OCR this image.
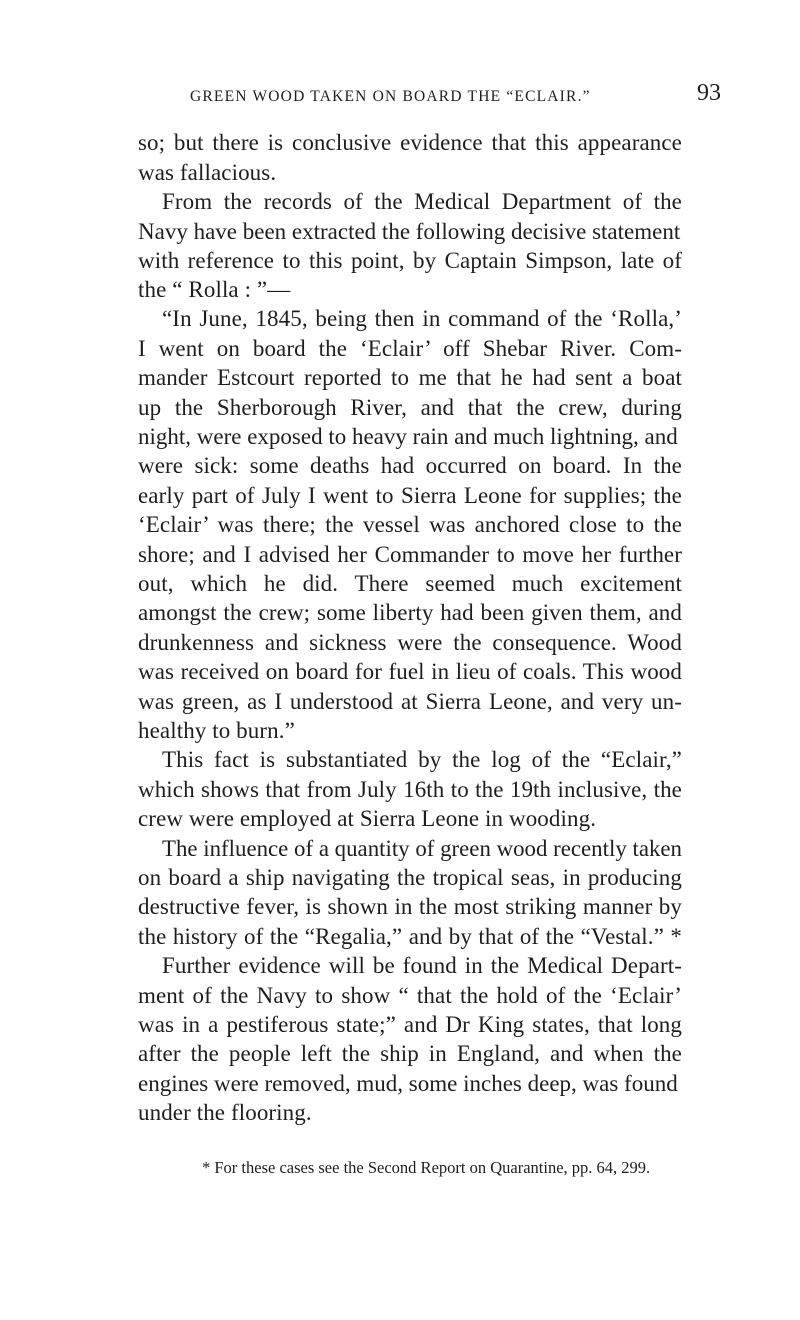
GREEN WOOD TAKEN ON BOARD THE “ECLAIR.”	93
so; but there is conclusive evidence that this appearance
was fallacious.
From the records of the Medical Department of the
Navy have been extracted the following decisive statement
with reference to this point, by Captain Simpson, late of
the “ Rolla : ”—
“In June, 1845, being then in command of the ‘Rolla,’
I went on board the ‘Eclair’ off Shebar River. Com-
mander Estcourt reported to me that he had sent a boat
up the Sherborough River, and that the crew, during
night, were exposed to heavy rain and much lightning, and
were sick: some deaths had occurred on board. In the
early part of July I went to Sierra Leone for supplies; the
‘Eclair’ was there; the vessel was anchored close to the
shore; and I advised her Commander to move her further
out, which he did. There seemed much excitement
amongst the crew; some liberty had been given them, and
drunkenness and sickness were the consequence. Wood
was received on board for fuel in lieu of coals. This wood
was green, as I understood at Sierra Leone, and very un-
healthy to burn.”
This fact is substantiated by the log of the “Eclair,”
which shows that from July 16th to the 19th inclusive, the
crew were employed at Sierra Leone in wooding.
The influence of a quantity of green wood recently taken
on board a ship navigating the tropical seas, in producing
destructive fever, is shown in the most striking manner by
the history of the “Regalia,” and by that of the “Vestal.” *
Further evidence will be found in the Medical Depart-
ment of the Navy to show “ that the hold of the ‘Eclair’
was in a pestiferous state;” and Dr King states, that long
after the people left the ship in England, and when the
engines were removed, mud, some inches deep, was found
under the flooring.
* For these cases see the Second Report on Quarantine, pp. 64, 299.
